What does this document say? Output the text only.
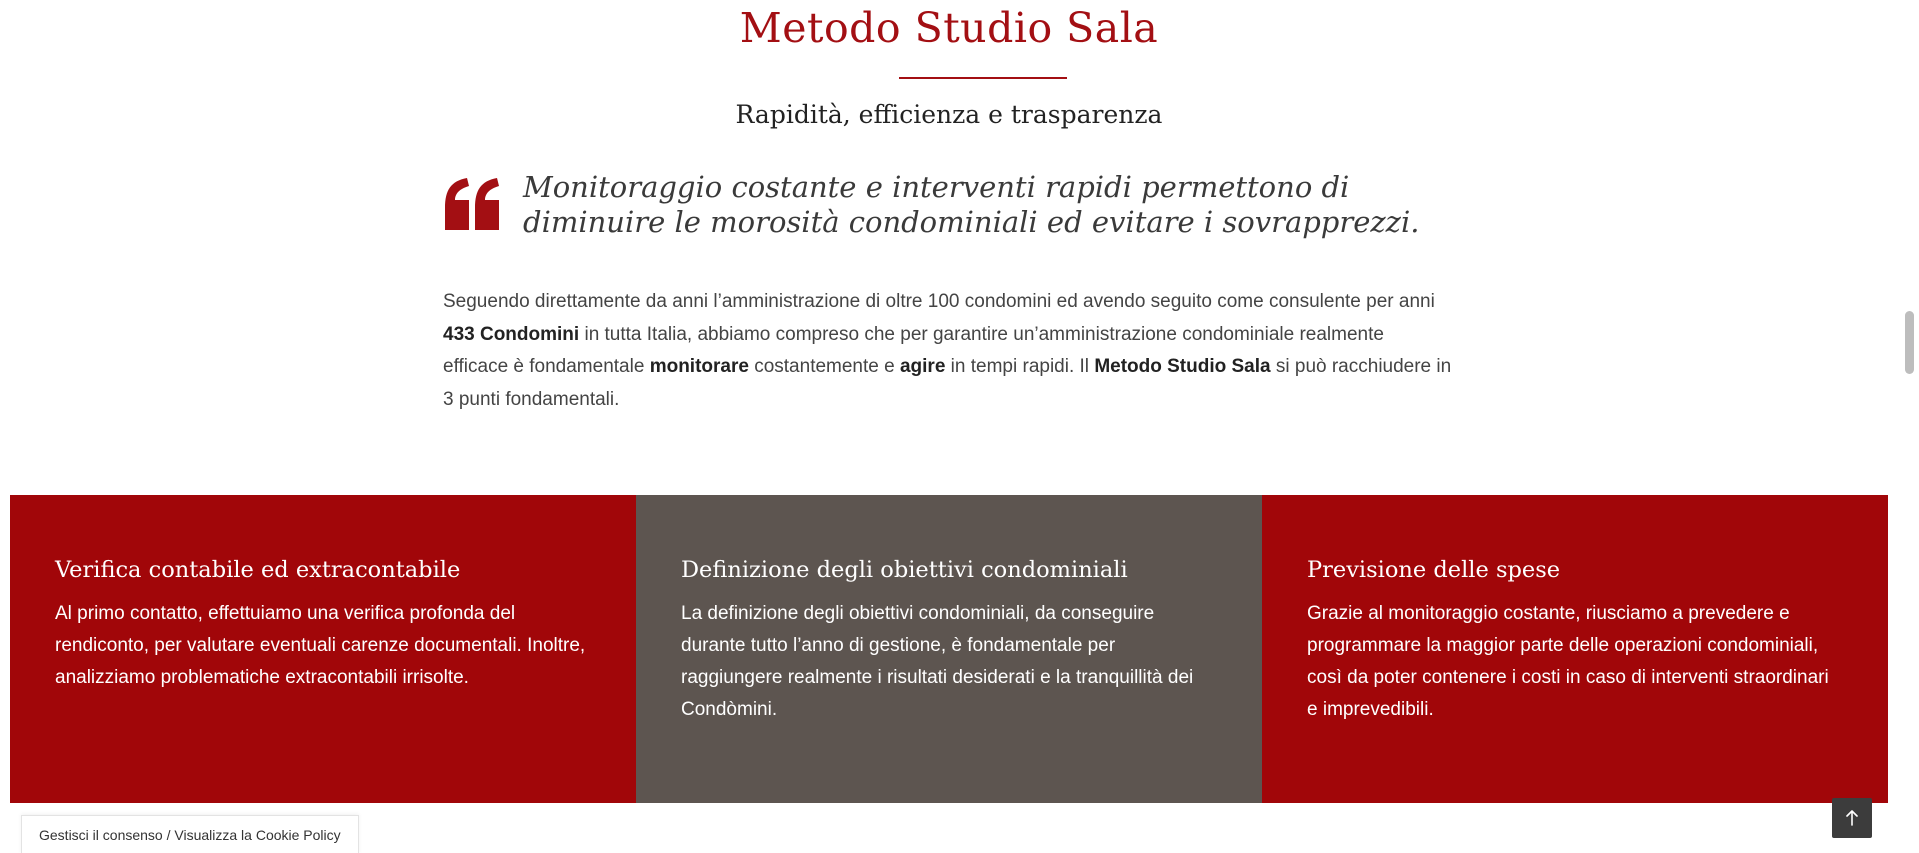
Metodo Studio Sala
Rapidità, efficienza e trasparenza

Monitoraggio costante e interventi rapidi permettono di diminuire le morosità condominiali ed evitare i sovrapprezzi.

Seguendo direttamente da anni l’amministrazione di oltre 100 condomini ed avendo seguito come consulente per anni 433 Condomini in tutta Italia, abbiamo compreso che per garantire un’amministrazione condominiale realmente efficace è fondamentale monitorare costantemente e agire in tempi rapidi. Il Metodo Studio Sala si può racchiudere in 3 punti fondamentali.

Verifica contabile ed extracontabile

Al primo contatto, effettuiamo una verifica profonda del rendiconto, per valutare eventuali carenze documentali. Inoltre, analizziamo problematiche extracontabili irrisolte.

Definizione degli obiettivi condominiali

La definizione degli obiettivi condominiali, da conseguire durante tutto l’anno di gestione, è fondamentale per raggiungere realmente i risultati desiderati e la tranquillità dei Condòmini.

Previsione delle spese

Grazie al monitoraggio costante, riusciamo a prevedere e programmare la maggior parte delle operazioni condominiali, così da poter contenere i costi in caso di interventi straordinari e imprevedibili.

Gestisci il consenso / Visualizza la Cookie Policy
